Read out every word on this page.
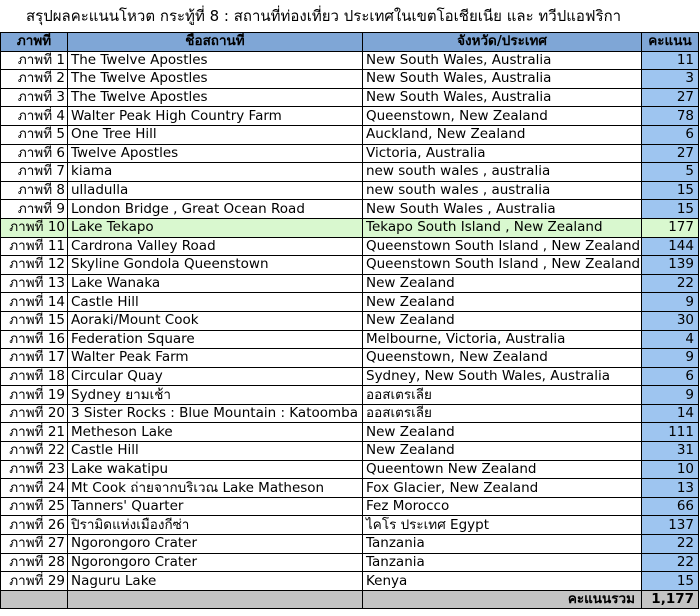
สรุปผลคะแนนโหวต กระทู้ที่ 8 : สถานที่ท่องเที่ยว ประเทศในเขตโอเชียเนีย และ ทวีปแอฟริกา
ภาพที่	ชื่อสถานที่	จังหวัด/ประเทศ	คะแนน
ภาพที่ 1	The Twelve Apostles	New South Wales, Australia	11
ภาพที่ 2	The Twelve Apostles	New South Wales, Australia	3
ภาพที่ 3	The Twelve Apostles	New South Wales, Australia	27
ภาพที่ 4	Walter Peak High Country Farm	Queenstown, New Zealand	78
ภาพที่ 5	One Tree Hill	Auckland, New Zealand	6
ภาพที่ 6	Twelve Apostles	Victoria, Australia	27
ภาพที่ 7	kiama	new south wales , australia	5
ภาพที่ 8	ulladulla	new south wales , australia	15
ภาพที่ 9	London Bridge , Great Ocean Road	New South Wales , Australia	15
ภาพที่ 10	Lake Tekapo	Tekapo South Island , New Zealand	177
ภาพที่ 11	Cardrona Valley Road	Queenstown South Island , New Zealand	144
ภาพที่ 12	Skyline Gondola Queenstown	Queenstown South Island , New Zealand	139
ภาพที่ 13	Lake Wanaka	New Zealand	22
ภาพที่ 14	Castle Hill	New Zealand	9
ภาพที่ 15	Aoraki/Mount Cook	New Zealand	30
ภาพที่ 16	Federation Square	Melbourne, Victoria, Australia	4
ภาพที่ 17	Walter Peak Farm	Queenstown, New Zealand	9
ภาพที่ 18	Circular Quay	Sydney, New South Wales, Australia	6
ภาพที่ 19	Sydney ยามเช้า	ออสเตรเลีย	9
ภาพที่ 20	3 Sister Rocks : Blue Mountain : Katoomba	ออสเตรเลีย	14
ภาพที่ 21	Metheson Lake	New Zealand	111
ภาพที่ 22	Castle Hill	New Zealand	31
ภาพที่ 23	Lake wakatipu	Queentown New Zealand	10
ภาพที่ 24	Mt Cook ถ่ายจากบริเวณ Lake Matheson	Fox Glacier, New Zealand	13
ภาพที่ 25	Tanners' Quarter	Fez Morocco	66
ภาพที่ 26	ปิรามิดแห่งเมืองกีซ่า	ไคโร ประเทศ Egypt	137
ภาพที่ 27	Ngorongoro Crater	Tanzania	22
ภาพที่ 28	Ngorongoro Crater	Tanzania	22
ภาพที่ 29	Naguru Lake	Kenya	15
		คะแนนรวม	1,177
